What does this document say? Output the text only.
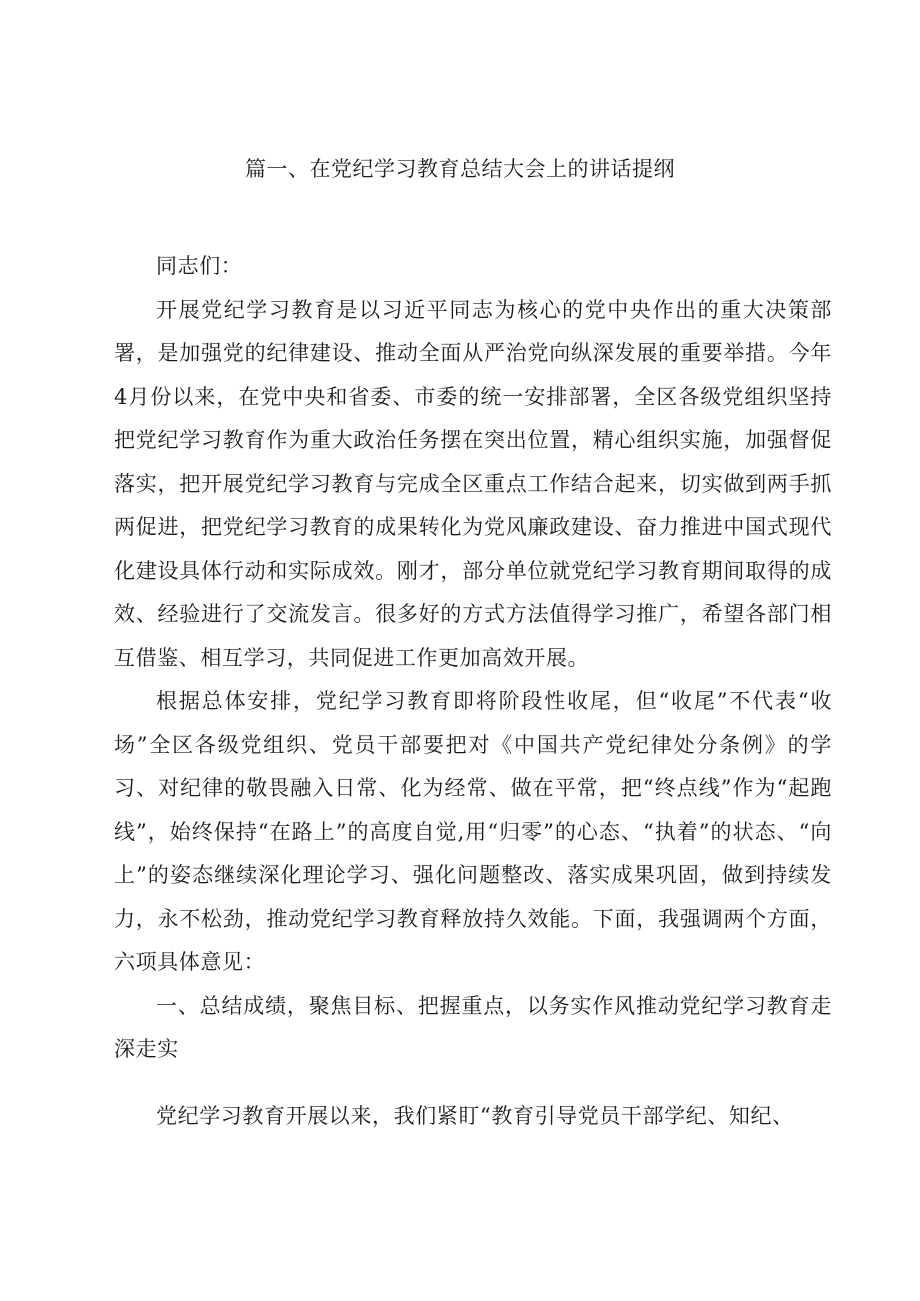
篇一、在党纪学习教育总结大会上的讲话提纲

同志们：

开展党纪学习教育是以习近平同志为核心的党中央作出的重大决策部署，是加强党的纪律建设、推动全面从严治党向纵深发展的重要举措。今年4月份以来，在党中央和省委、市委的统一安排部署，全区各级党组织坚持把党纪学习教育作为重大政治任务摆在突出位置，精心组织实施，加强督促落实，把开展党纪学习教育与完成全区重点工作结合起来，切实做到两手抓两促进，把党纪学习教育的成果转化为党风廉政建设、奋力推进中国式现代化建设具体行动和实际成效。刚才，部分单位就党纪学习教育期间取得的成效、经验进行了交流发言。很多好的方式方法值得学习推广，希望各部门相互借鉴、相互学习，共同促进工作更加高效开展。

根据总体安排，党纪学习教育即将阶段性收尾，但“收尾”不代表“收场”全区各级党组织、党员干部要把对《中国共产党纪律处分条例》的学习、对纪律的敬畏融入日常、化为经常、做在平常，把“终点线”作为“起跑线”，始终保持“在路上”的高度自觉,用“归零”的心态、“执着”的状态、“向上”的姿态继续深化理论学习、强化问题整改、落实成果巩固，做到持续发力，永不松劲，推动党纪学习教育释放持久效能。下面，我强调两个方面，六项具体意见：

一、总结成绩，聚焦目标、把握重点，以务实作风推动党纪学习教育走深走实

党纪学习教育开展以来，我们紧盯“教育引导党员干部学纪、知纪、
